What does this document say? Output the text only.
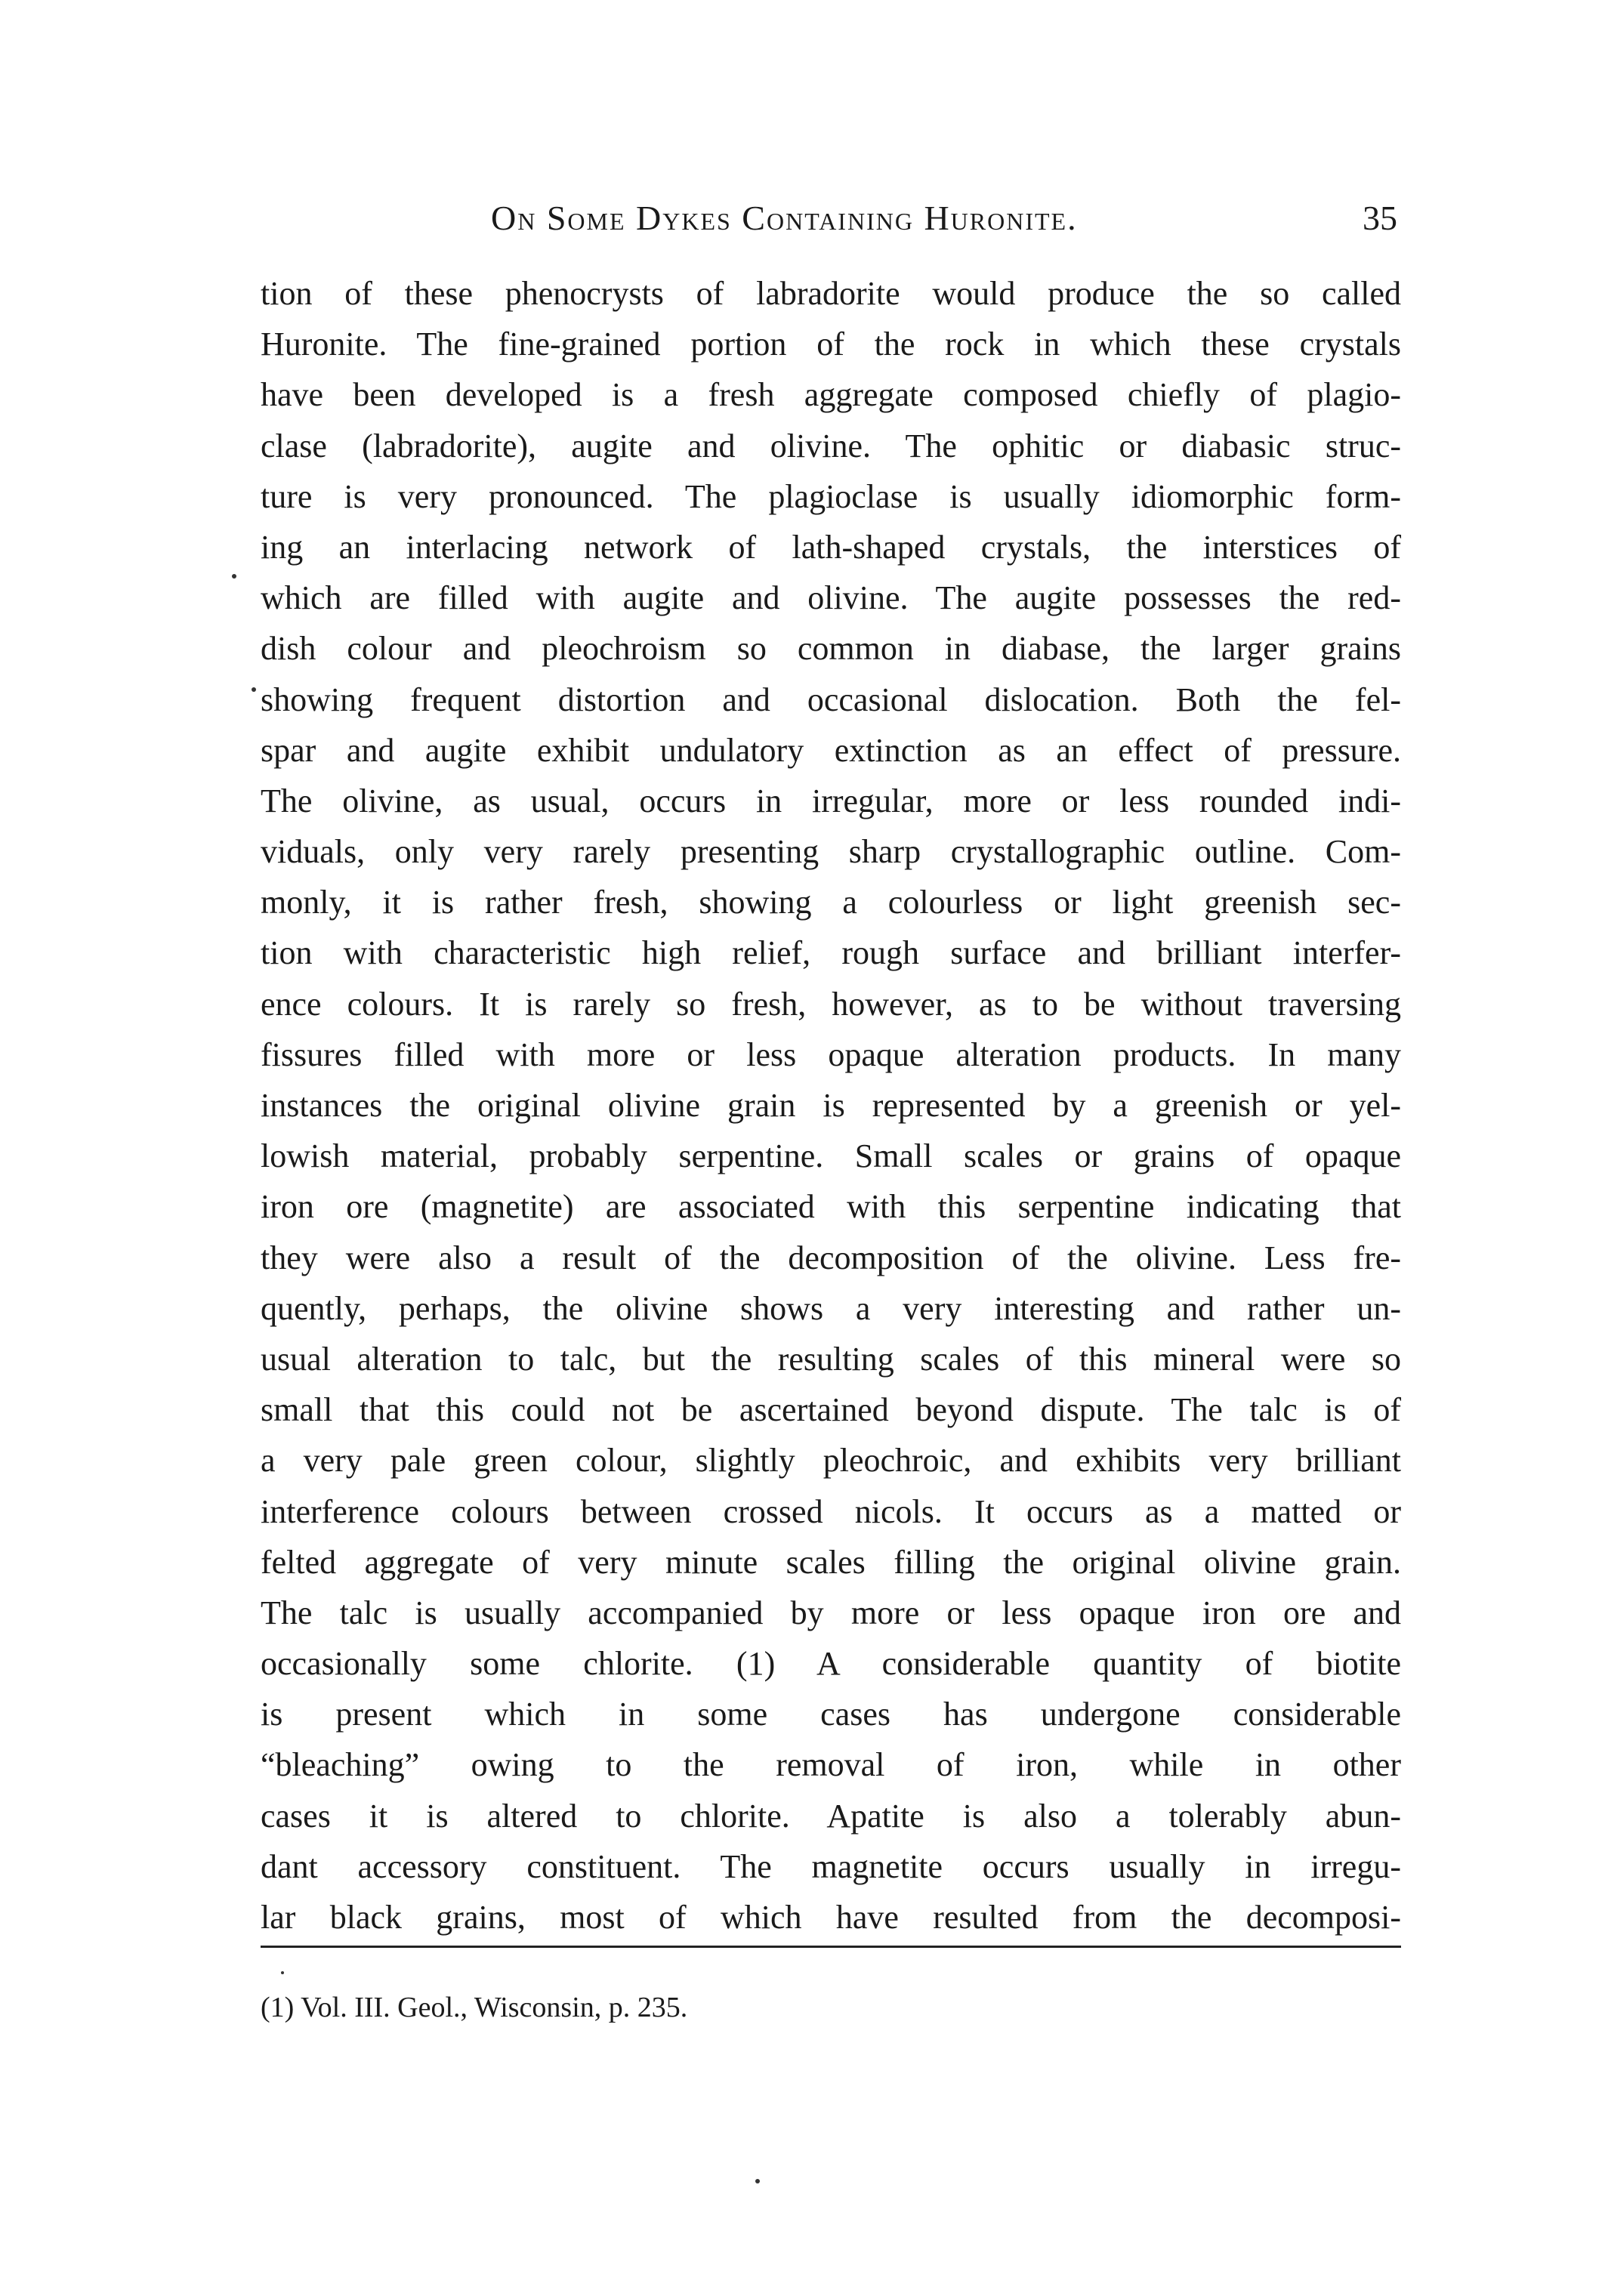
On Some Dykes Containing Huronite.	35
tion of these phenocrysts of labradorite would produce the so called
Huronite. The fine-grained portion of the rock in which these crystals
have been developed is a fresh aggregate composed chiefly of plagio-
clase (labradorite), augite and olivine. The ophitic or diabasic struc-
ture is very pronounced. The plagioclase is usually idiomorphic form-
ing an interlacing network of lath-shaped crystals, the interstices of
which are filled with augite and olivine. The augite possesses the red-
dish colour and pleochroism so common in diabase, the larger grains
showing frequent distortion and occasional dislocation. Both the fel-
spar and augite exhibit undulatory extinction as an effect of pressure.
The olivine, as usual, occurs in irregular, more or less rounded indi-
viduals, only very rarely presenting sharp crystallographic outline. Com-
monly, it is rather fresh, showing a colourless or light greenish sec-
tion with characteristic high relief, rough surface and brilliant interfer-
ence colours. It is rarely so fresh, however, as to be without traversing
fissures filled with more or less opaque alteration products. In many
instances the original olivine grain is represented by a greenish or yel-
lowish material, probably serpentine. Small scales or grains of opaque
iron ore (magnetite) are associated with this serpentine indicating that
they were also a result of the decomposition of the olivine. Less fre-
quently, perhaps, the olivine shows a very interesting and rather un-
usual alteration to talc, but the resulting scales of this mineral were so
small that this could not be ascertained beyond dispute. The talc is of
a very pale green colour, slightly pleochroic, and exhibits very brilliant
interference colours between crossed nicols. It occurs as a matted or
felted aggregate of very minute scales filling the original olivine grain.
The talc is usually accompanied by more or less opaque iron ore and
occasionally some chlorite. (1) A considerable quantity of biotite
is present which in some cases has undergone considerable
“bleaching” owing to the removal of iron, while in other
cases it is altered to chlorite. Apatite is also a tolerably abun-
dant accessory constituent. The magnetite occurs usually in irregu-
lar black grains, most of which have resulted from the decomposi-
(1) Vol. III. Geol., Wisconsin, p. 235.
